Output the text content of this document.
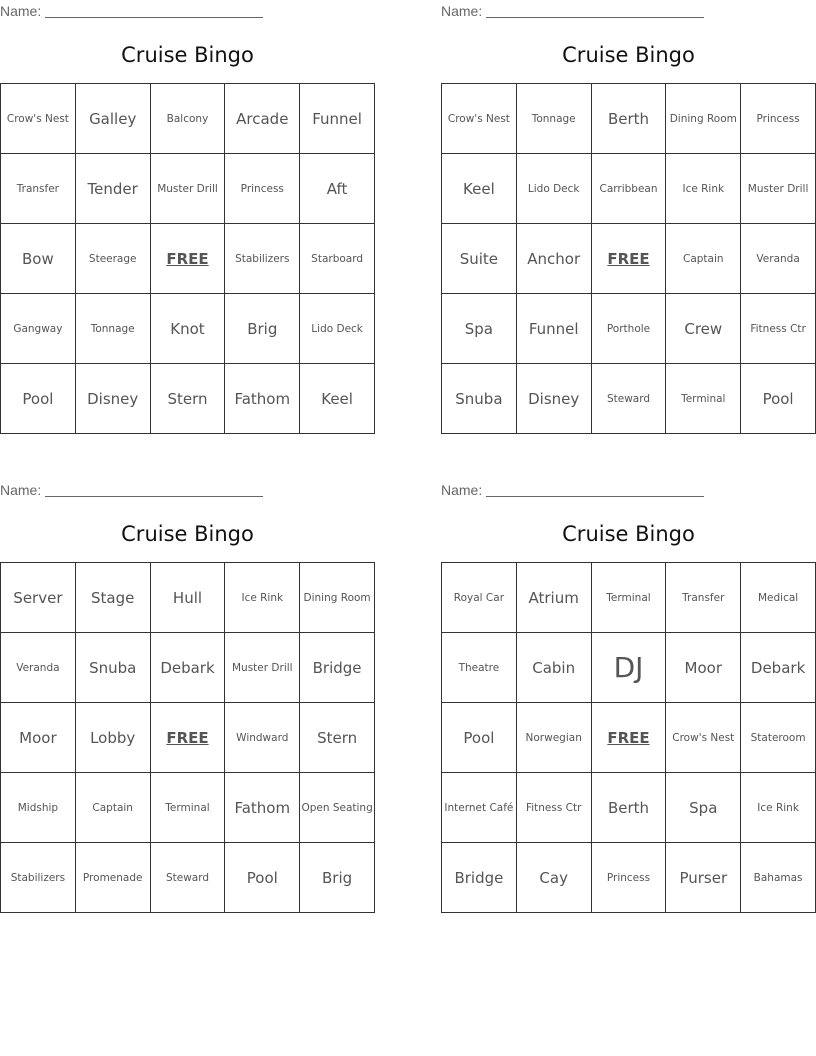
Name:
Cruise Bingo
Crow's Nest	Galley	Balcony	Arcade	Funnel
Transfer	Tender	Muster Drill	Princess	Aft
Bow	Steerage	FREE	Stabilizers	Starboard
Gangway	Tonnage	Knot	Brig	Lido Deck
Pool	Disney	Stern	Fathom	Keel
Name:
Cruise Bingo
Crow's Nest	Tonnage	Berth	Dining Room	Princess
Keel	Lido Deck	Carribbean	Ice Rink	Muster Drill
Suite	Anchor	FREE	Captain	Veranda
Spa	Funnel	Porthole	Crew	Fitness Ctr
Snuba	Disney	Steward	Terminal	Pool
Name:
Cruise Bingo
Server	Stage	Hull	Ice Rink	Dining Room
Veranda	Snuba	Debark	Muster Drill	Bridge
Moor	Lobby	FREE	Windward	Stern
Midship	Captain	Terminal	Fathom	Open Seating
Stabilizers	Promenade	Steward	Pool	Brig
Name:
Cruise Bingo
Royal Car	Atrium	Terminal	Transfer	Medical
Theatre	Cabin	DJ	Moor	Debark
Pool	Norwegian	FREE	Crow's Nest	Stateroom
Internet Café	Fitness Ctr	Berth	Spa	Ice Rink
Bridge	Cay	Princess	Purser	Bahamas
